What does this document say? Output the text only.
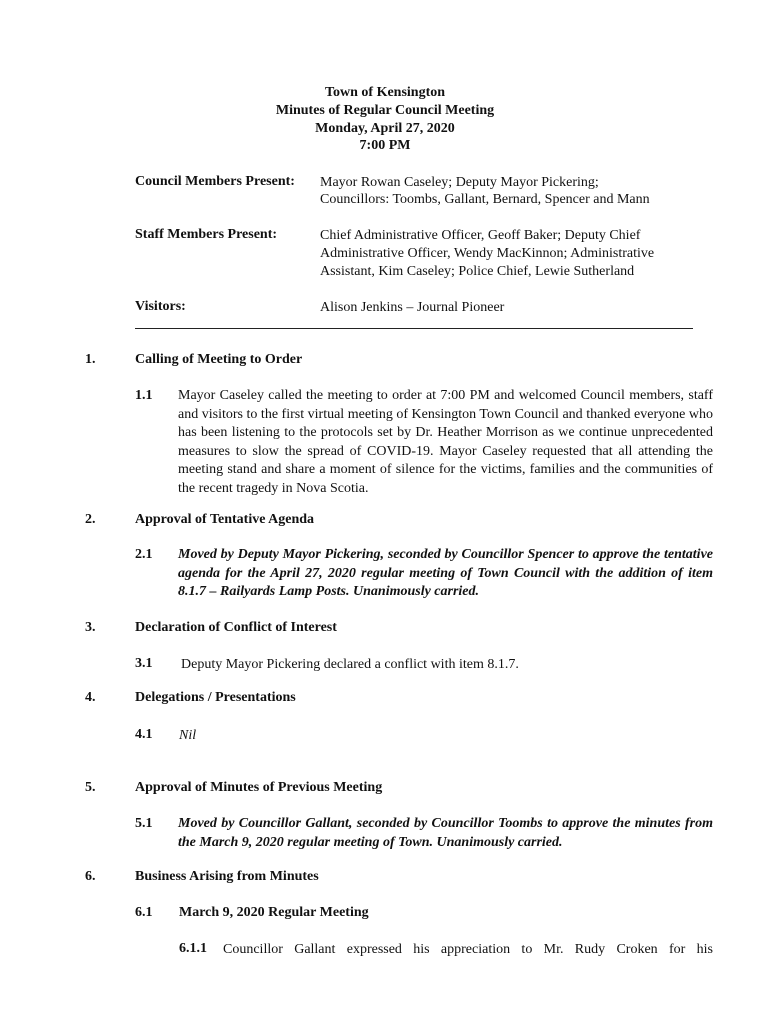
Town of Kensington
Minutes of Regular Council Meeting
Monday, April 27, 2020
7:00 PM
Council Members Present: Mayor Rowan Caseley; Deputy Mayor Pickering;
Councillors: Toombs, Gallant, Bernard, Spencer and Mann
Staff Members Present:	Chief Administrative Officer, Geoff Baker; Deputy Chief
Administrative Officer, Wendy MacKinnon; Administrative
Assistant, Kim Caseley; Police Chief, Lewie Sutherland
Visitors:	Alison Jenkins – Journal Pioneer
1.	Calling of Meeting to Order
1.1 Mayor Caseley called the meeting to order at 7:00 PM and welcomed Council members, staff and visitors to the first virtual meeting of Kensington Town Council and thanked everyone who has been listening to the protocols set by Dr. Heather Morrison as we continue unprecedented measures to slow the spread of COVID-19. Mayor Caseley requested that all attending the meeting stand and share a moment of silence for the victims, families and the communities of the recent tragedy in Nova Scotia.
2.	Approval of Tentative Agenda
2.1 Moved by Deputy Mayor Pickering, seconded by Councillor Spencer to approve the tentative agenda for the April 27, 2020 regular meeting of Town Council with the addition of item 8.1.7 – Railyards Lamp Posts. Unanimously carried.
3.	Declaration of Conflict of Interest
3.1 Deputy Mayor Pickering declared a conflict with item 8.1.7.
4.	Delegations / Presentations
4.1 Nil
5.	Approval of Minutes of Previous Meeting
5.1 Moved by Councillor Gallant, seconded by Councillor Toombs to approve the minutes from the March 9, 2020 regular meeting of Town. Unanimously carried.
6.	Business Arising from Minutes
6.1 March 9, 2020 Regular Meeting
6.1.1 Councillor Gallant expressed his appreciation to Mr. Rudy Croken for his
